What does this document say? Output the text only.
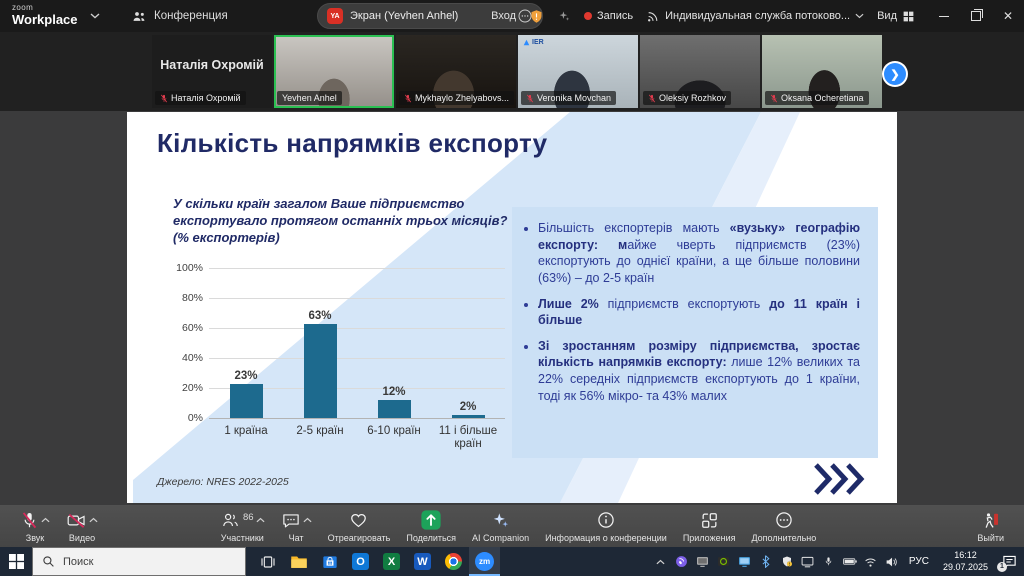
zoom
Workplace	Конференция	YA Экран (Yevhen Anhel)	Вход	Запись	Индивидуальная служба потоково... Вид	✕
Наталія Охромій
Наталія Охромій	Yevhen Anhel	Mykhaylo Zhelyabovs...
IER
Veronika Movchan	Oleksiy Rozhkov	Oksana Ocheretiana
❯
Кількість напрямків експорту
У скільки країн загалом Ваше підприємство експортувало протягом останніх трьох місяців? (% експортерів)
100%
80%
60%
40%
20%
0%
23%
63%
12%
2%
1 країна	2-5 країн	6-10 країн	11 і більше країн
• Більшість експортерів мають «вузьку» географію експорту: майже чверть підприємств (23%) експортують до однієї країни, а ще більше половини (63%) – до 2-5 країн
• Лише 2% підприємств експортують до 11 країн і більше
• Зі зростанням розміру підприємства, зростає кількість напрямків експорту: лише 12% великих та 22% середніх підприємств експортують до 1 країни, тоді як 56% мікро- та 43% малих
Джерело: NRES 2022-2025
Звук	Видео
86
Участники	Чат	Отреагировать Поделиться AI Companion Информация о конференции Приложения Дополнительно	Выйти
Поиск	O	X	W	zm	РУС
16:12
29.07.2025	1
